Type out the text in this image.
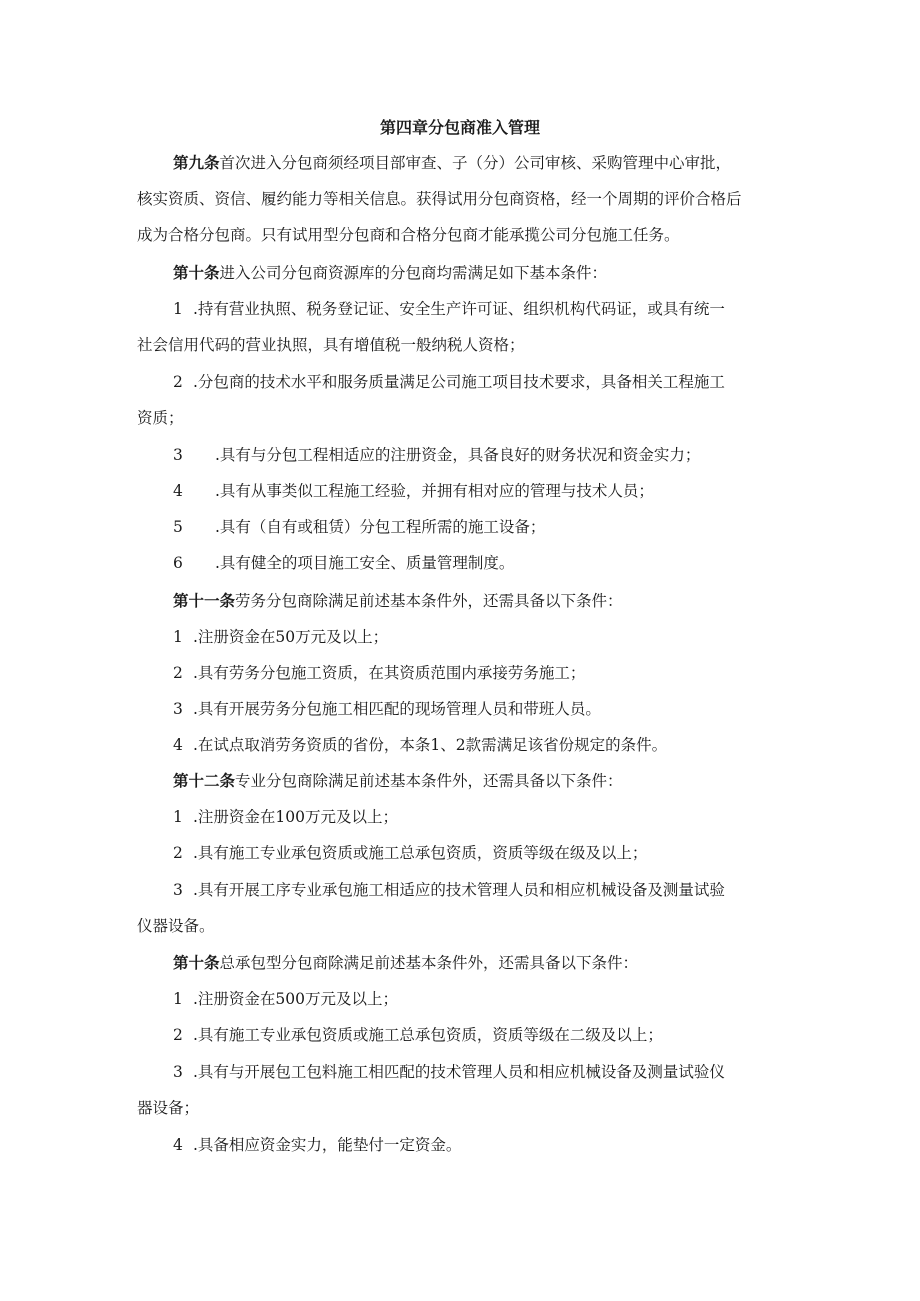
第四章分包商准入管理
第九条首次进入分包商须经项目部审查、子（分）公司审核、采购管理中心审批，
核实资质、资信、履约能力等相关信息。获得试用分包商资格，经一个周期的评价合格后
成为合格分包商。只有试用型分包商和合格分包商才能承揽公司分包施工任务。
第十条进入公司分包商资源库的分包商均需满足如下基本条件：
1 .持有营业执照、税务登记证、安全生产许可证、组织机构代码证，或具有统一
社会信用代码的营业执照，具有增值税一般纳税人资格；
2 .分包商的技术水平和服务质量满足公司施工项目技术要求，具备相关工程施工
资质；
3 .具有与分包工程相适应的注册资金，具备良好的财务状况和资金实力；
4 .具有从事类似工程施工经验，并拥有相对应的管理与技术人员；
5 .具有（自有或租赁）分包工程所需的施工设备；
6 .具有健全的项目施工安全、质量管理制度。
第十一条劳务分包商除满足前述基本条件外，还需具备以下条件：
1 .注册资金在50万元及以上；
2 .具有劳务分包施工资质，在其资质范围内承接劳务施工；
3 .具有开展劳务分包施工相匹配的现场管理人员和带班人员。
4 .在试点取消劳务资质的省份，本条1、2款需满足该省份规定的条件。
第十二条专业分包商除满足前述基本条件外，还需具备以下条件：
1 .注册资金在100万元及以上；
2 .具有施工专业承包资质或施工总承包资质，资质等级在级及以上；
3 .具有开展工序专业承包施工相适应的技术管理人员和相应机械设备及测量试验
仪器设备。
第十条总承包型分包商除满足前述基本条件外，还需具备以下条件：
1 .注册资金在500万元及以上；
2 .具有施工专业承包资质或施工总承包资质，资质等级在二级及以上；
3 .具有与开展包工包料施工相匹配的技术管理人员和相应机械设备及测量试验仪
器设备；
4 .具备相应资金实力，能垫付一定资金。
